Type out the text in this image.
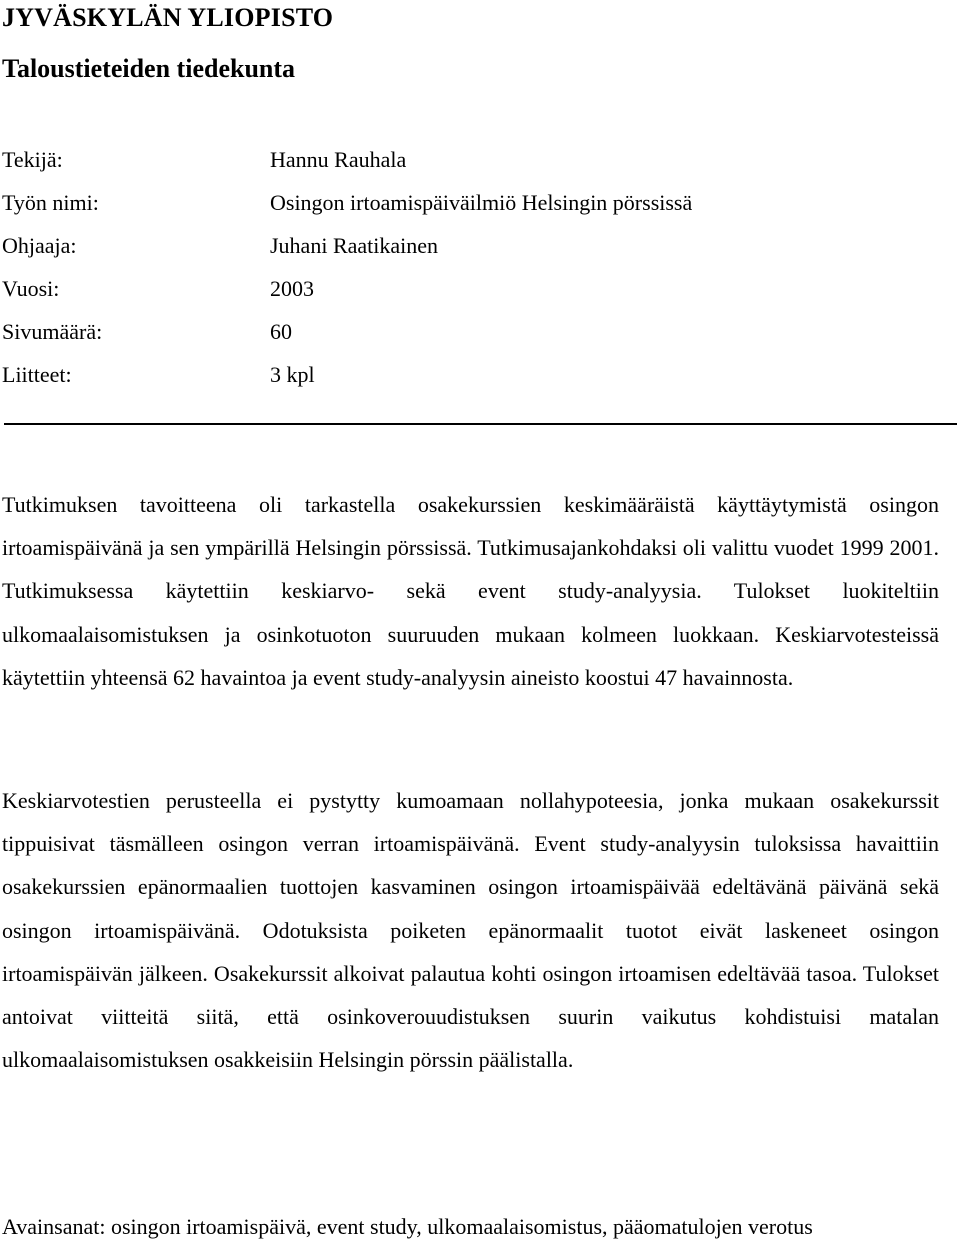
JYVÄSKYLÄN YLIOPISTO
Taloustieteiden tiedekunta
Tekijä:	Hannu Rauhala
Työn nimi:	Osingon irtoamispäiväilmiö Helsingin pörssissä
Ohjaaja:	Juhani Raatikainen
Vuosi:	2003
Sivumäärä:	60
Liitteet:	3 kpl

Tutkimuksen tavoitteena oli tarkastella osakekurssien keskimääräistä käyttäytymistä osingon irtoamispäivänä ja sen ympärillä Helsingin pörssissä. Tutkimusajankohdaksi oli valittu vuodet 1999 2001. Tutkimuksessa käytettiin keskiarvo- sekä event study-analyysia. Tulokset luokiteltiin ulkomaalaisomistuksen ja osinkotuoton suuruuden mukaan kolmeen luokkaan. Keskiarvotesteissä käytettiin yhteensä 62 havaintoa ja event study-analyysin aineisto koostui 47 havainnosta.

Keskiarvotestien perusteella ei pystytty kumoamaan nollahypoteesia, jonka mukaan osakekurssit tippuisivat täsmälleen osingon verran irtoamispäivänä. Event study-analyysin tuloksissa havaittiin osakekurssien epänormaalien tuottojen kasvaminen osingon irtoamispäivää edeltävänä päivänä sekä osingon irtoamispäivänä. Odotuksista poiketen epänormaalit tuotot eivät laskeneet osingon irtoamispäivän jälkeen. Osakekurssit alkoivat palautua kohti osingon irtoamisen edeltävää tasoa. Tulokset antoivat viitteitä siitä, että osinkoverouudistuksen suurin vaikutus kohdistuisi matalan ulkomaalaisomistuksen osakkeisiin Helsingin pörssin päälistalla.

Avainsanat: osingon irtoamispäivä, event study, ulkomaalaisomistus, pääomatulojen verotus
